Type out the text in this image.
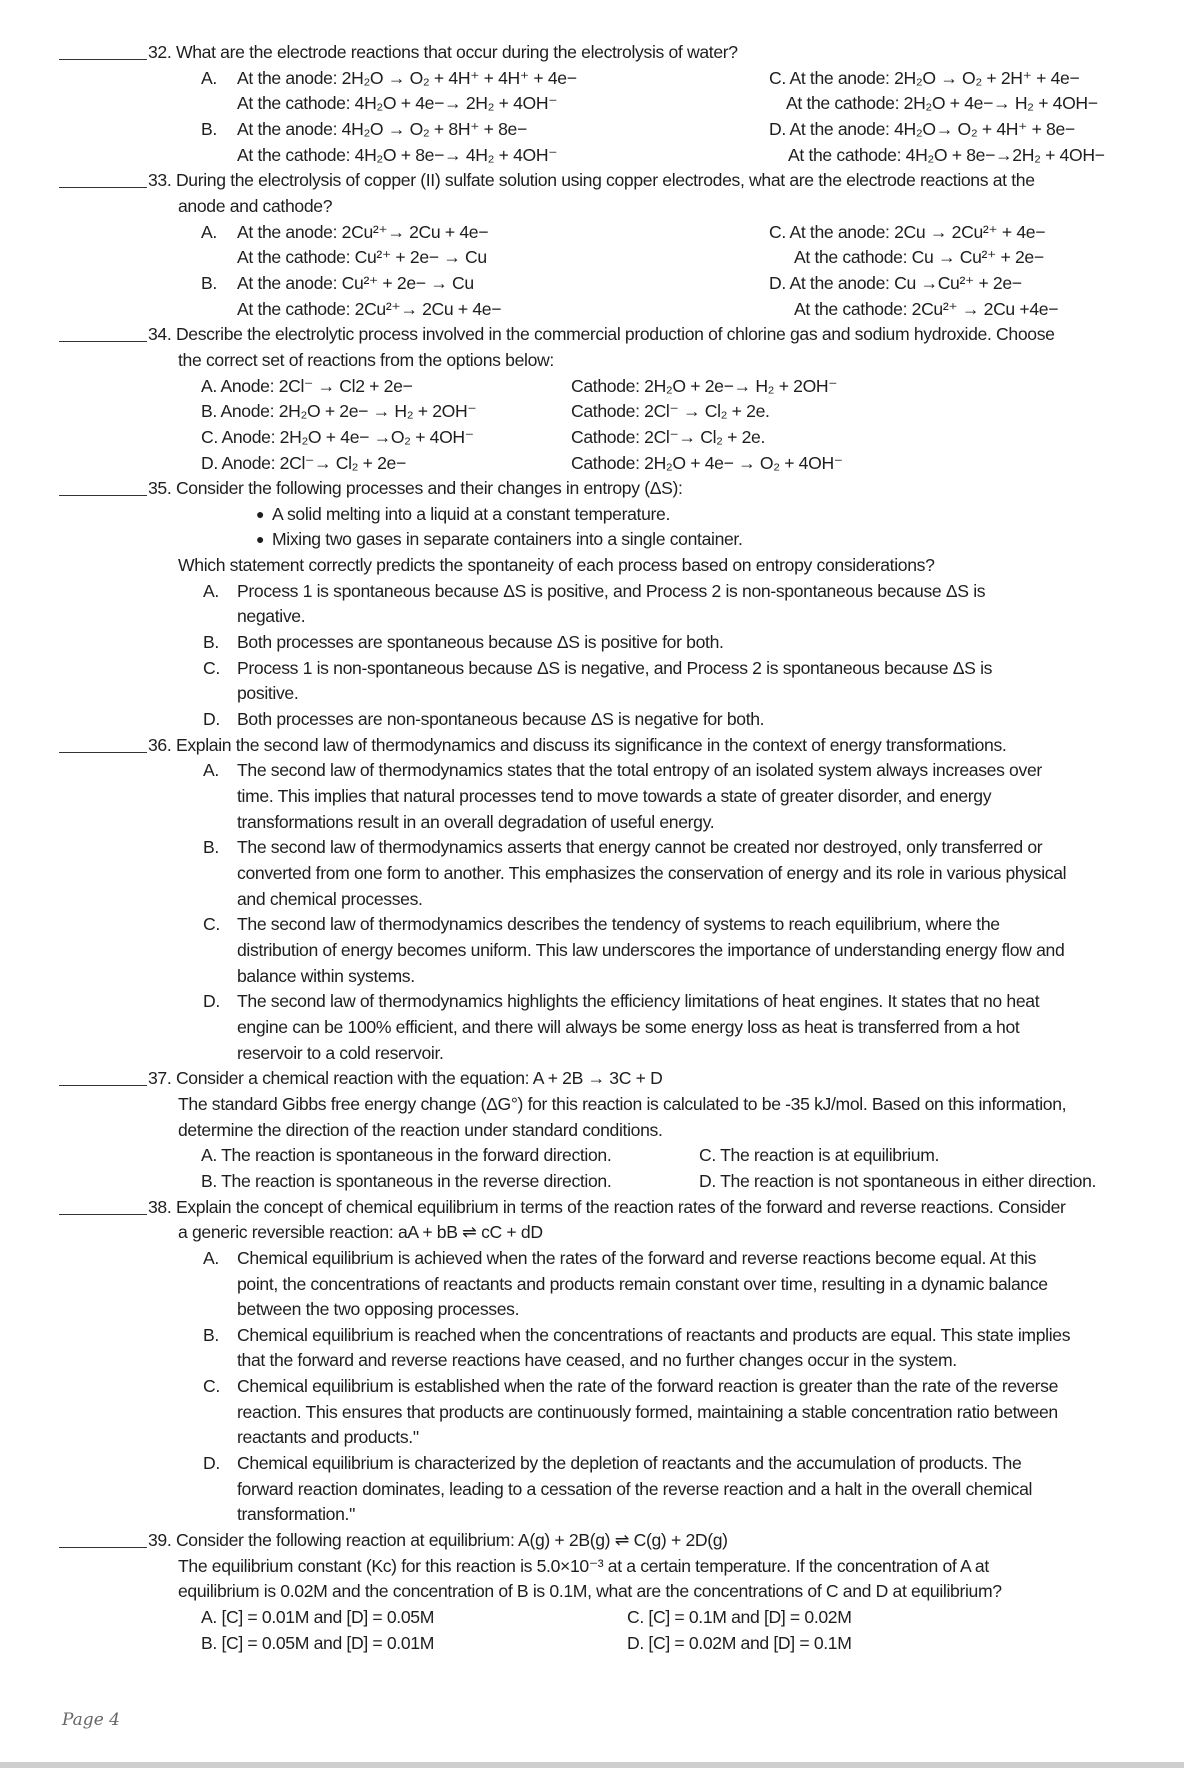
32. What are the electrode reactions that occur during the electrolysis of water?
A. At the anode: 2H₂O → O₂ + 4H⁺ + 4H⁺ + 4e−	C. At the anode: 2H₂O → O₂ + 2H⁺ + 4e−
At the cathode: 4H₂O + 4e−→ 2H₂ + 4OH⁻	At the cathode: 2H₂O + 4e−→ H₂ + 4OH−
B. At the anode: 4H₂O → O₂ + 8H⁺ + 8e−	D. At the anode: 4H₂O→ O₂ + 4H⁺ + 8e−
At the cathode: 4H₂O + 8e−→ 4H₂ + 4OH⁻	At the cathode: 4H₂O + 8e−→2H₂ + 4OH−
33. During the electrolysis of copper (II) sulfate solution using copper electrodes, what are the electrode reactions at the
anode and cathode?
A. At the anode: 2Cu²⁺→ 2Cu + 4e−	C. At the anode: 2Cu → 2Cu²⁺ + 4e−
At the cathode: Cu²⁺ + 2e− → Cu	At the cathode: Cu → Cu²⁺ + 2e−
B. At the anode: Cu²⁺ + 2e− → Cu	D. At the anode: Cu →Cu²⁺ + 2e−
At the cathode: 2Cu²⁺→ 2Cu + 4e−	At the cathode: 2Cu²⁺ → 2Cu +4e−
34. Describe the electrolytic process involved in the commercial production of chlorine gas and sodium hydroxide. Choose
the correct set of reactions from the options below:
A. Anode: 2Cl⁻ → Cl2 + 2e−	Cathode: 2H₂O + 2e−→ H₂ + 2OH⁻
B. Anode: 2H₂O + 2e− → H₂ + 2OH⁻	Cathode: 2Cl⁻ → Cl₂ + 2e.
C. Anode: 2H₂O + 4e− →O₂ + 4OH⁻	Cathode: 2Cl⁻→ Cl₂ + 2e.
D. Anode: 2Cl⁻→ Cl₂ + 2e−	Cathode: 2H₂O + 4e− → O₂ + 4OH⁻
35. Consider the following processes and their changes in entropy (ΔS):
● A solid melting into a liquid at a constant temperature.
● Mixing two gases in separate containers into a single container.
Which statement correctly predicts the spontaneity of each process based on entropy considerations?
A. Process 1 is spontaneous because ΔS is positive, and Process 2 is non-spontaneous because ΔS is
negative.
B. Both processes are spontaneous because ΔS is positive for both.
C. Process 1 is non-spontaneous because ΔS is negative, and Process 2 is spontaneous because ΔS is
positive.
D. Both processes are non-spontaneous because ΔS is negative for both.
36. Explain the second law of thermodynamics and discuss its significance in the context of energy transformations.
A. The second law of thermodynamics states that the total entropy of an isolated system always increases over
time. This implies that natural processes tend to move towards a state of greater disorder, and energy
transformations result in an overall degradation of useful energy.
B. The second law of thermodynamics asserts that energy cannot be created nor destroyed, only transferred or
converted from one form to another. This emphasizes the conservation of energy and its role in various physical
and chemical processes.
C. The second law of thermodynamics describes the tendency of systems to reach equilibrium, where the
distribution of energy becomes uniform. This law underscores the importance of understanding energy flow and
balance within systems.
D. The second law of thermodynamics highlights the efficiency limitations of heat engines. It states that no heat
engine can be 100% efficient, and there will always be some energy loss as heat is transferred from a hot
reservoir to a cold reservoir.
37. Consider a chemical reaction with the equation: A + 2B → 3C + D
The standard Gibbs free energy change (ΔG°) for this reaction is calculated to be -35 kJ/mol. Based on this information,
determine the direction of the reaction under standard conditions.
A. The reaction is spontaneous in the forward direction.	C. The reaction is at equilibrium.
B. The reaction is spontaneous in the reverse direction.	D. The reaction is not spontaneous in either direction.
38. Explain the concept of chemical equilibrium in terms of the reaction rates of the forward and reverse reactions. Consider
a generic reversible reaction: aA + bB ⇌ cC + dD
A. Chemical equilibrium is achieved when the rates of the forward and reverse reactions become equal. At this
point, the concentrations of reactants and products remain constant over time, resulting in a dynamic balance
between the two opposing processes.
B. Chemical equilibrium is reached when the concentrations of reactants and products are equal. This state implies
that the forward and reverse reactions have ceased, and no further changes occur in the system.
C. Chemical equilibrium is established when the rate of the forward reaction is greater than the rate of the reverse
reaction. This ensures that products are continuously formed, maintaining a stable concentration ratio between
reactants and products."
D. Chemical equilibrium is characterized by the depletion of reactants and the accumulation of products. The
forward reaction dominates, leading to a cessation of the reverse reaction and a halt in the overall chemical
transformation."
39. Consider the following reaction at equilibrium: A(g) + 2B(g) ⇌ C(g) + 2D(g)
The equilibrium constant (Kc) for this reaction is 5.0×10⁻³ at a certain temperature. If the concentration of A at
equilibrium is 0.02M and the concentration of B is 0.1M, what are the concentrations of C and D at equilibrium?
A. [C] = 0.01M and [D] = 0.05M	C. [C] = 0.1M and [D] = 0.02M
B. [C] = 0.05M and [D] = 0.01M	D. [C] = 0.02M and [D] = 0.1M
Page 4
